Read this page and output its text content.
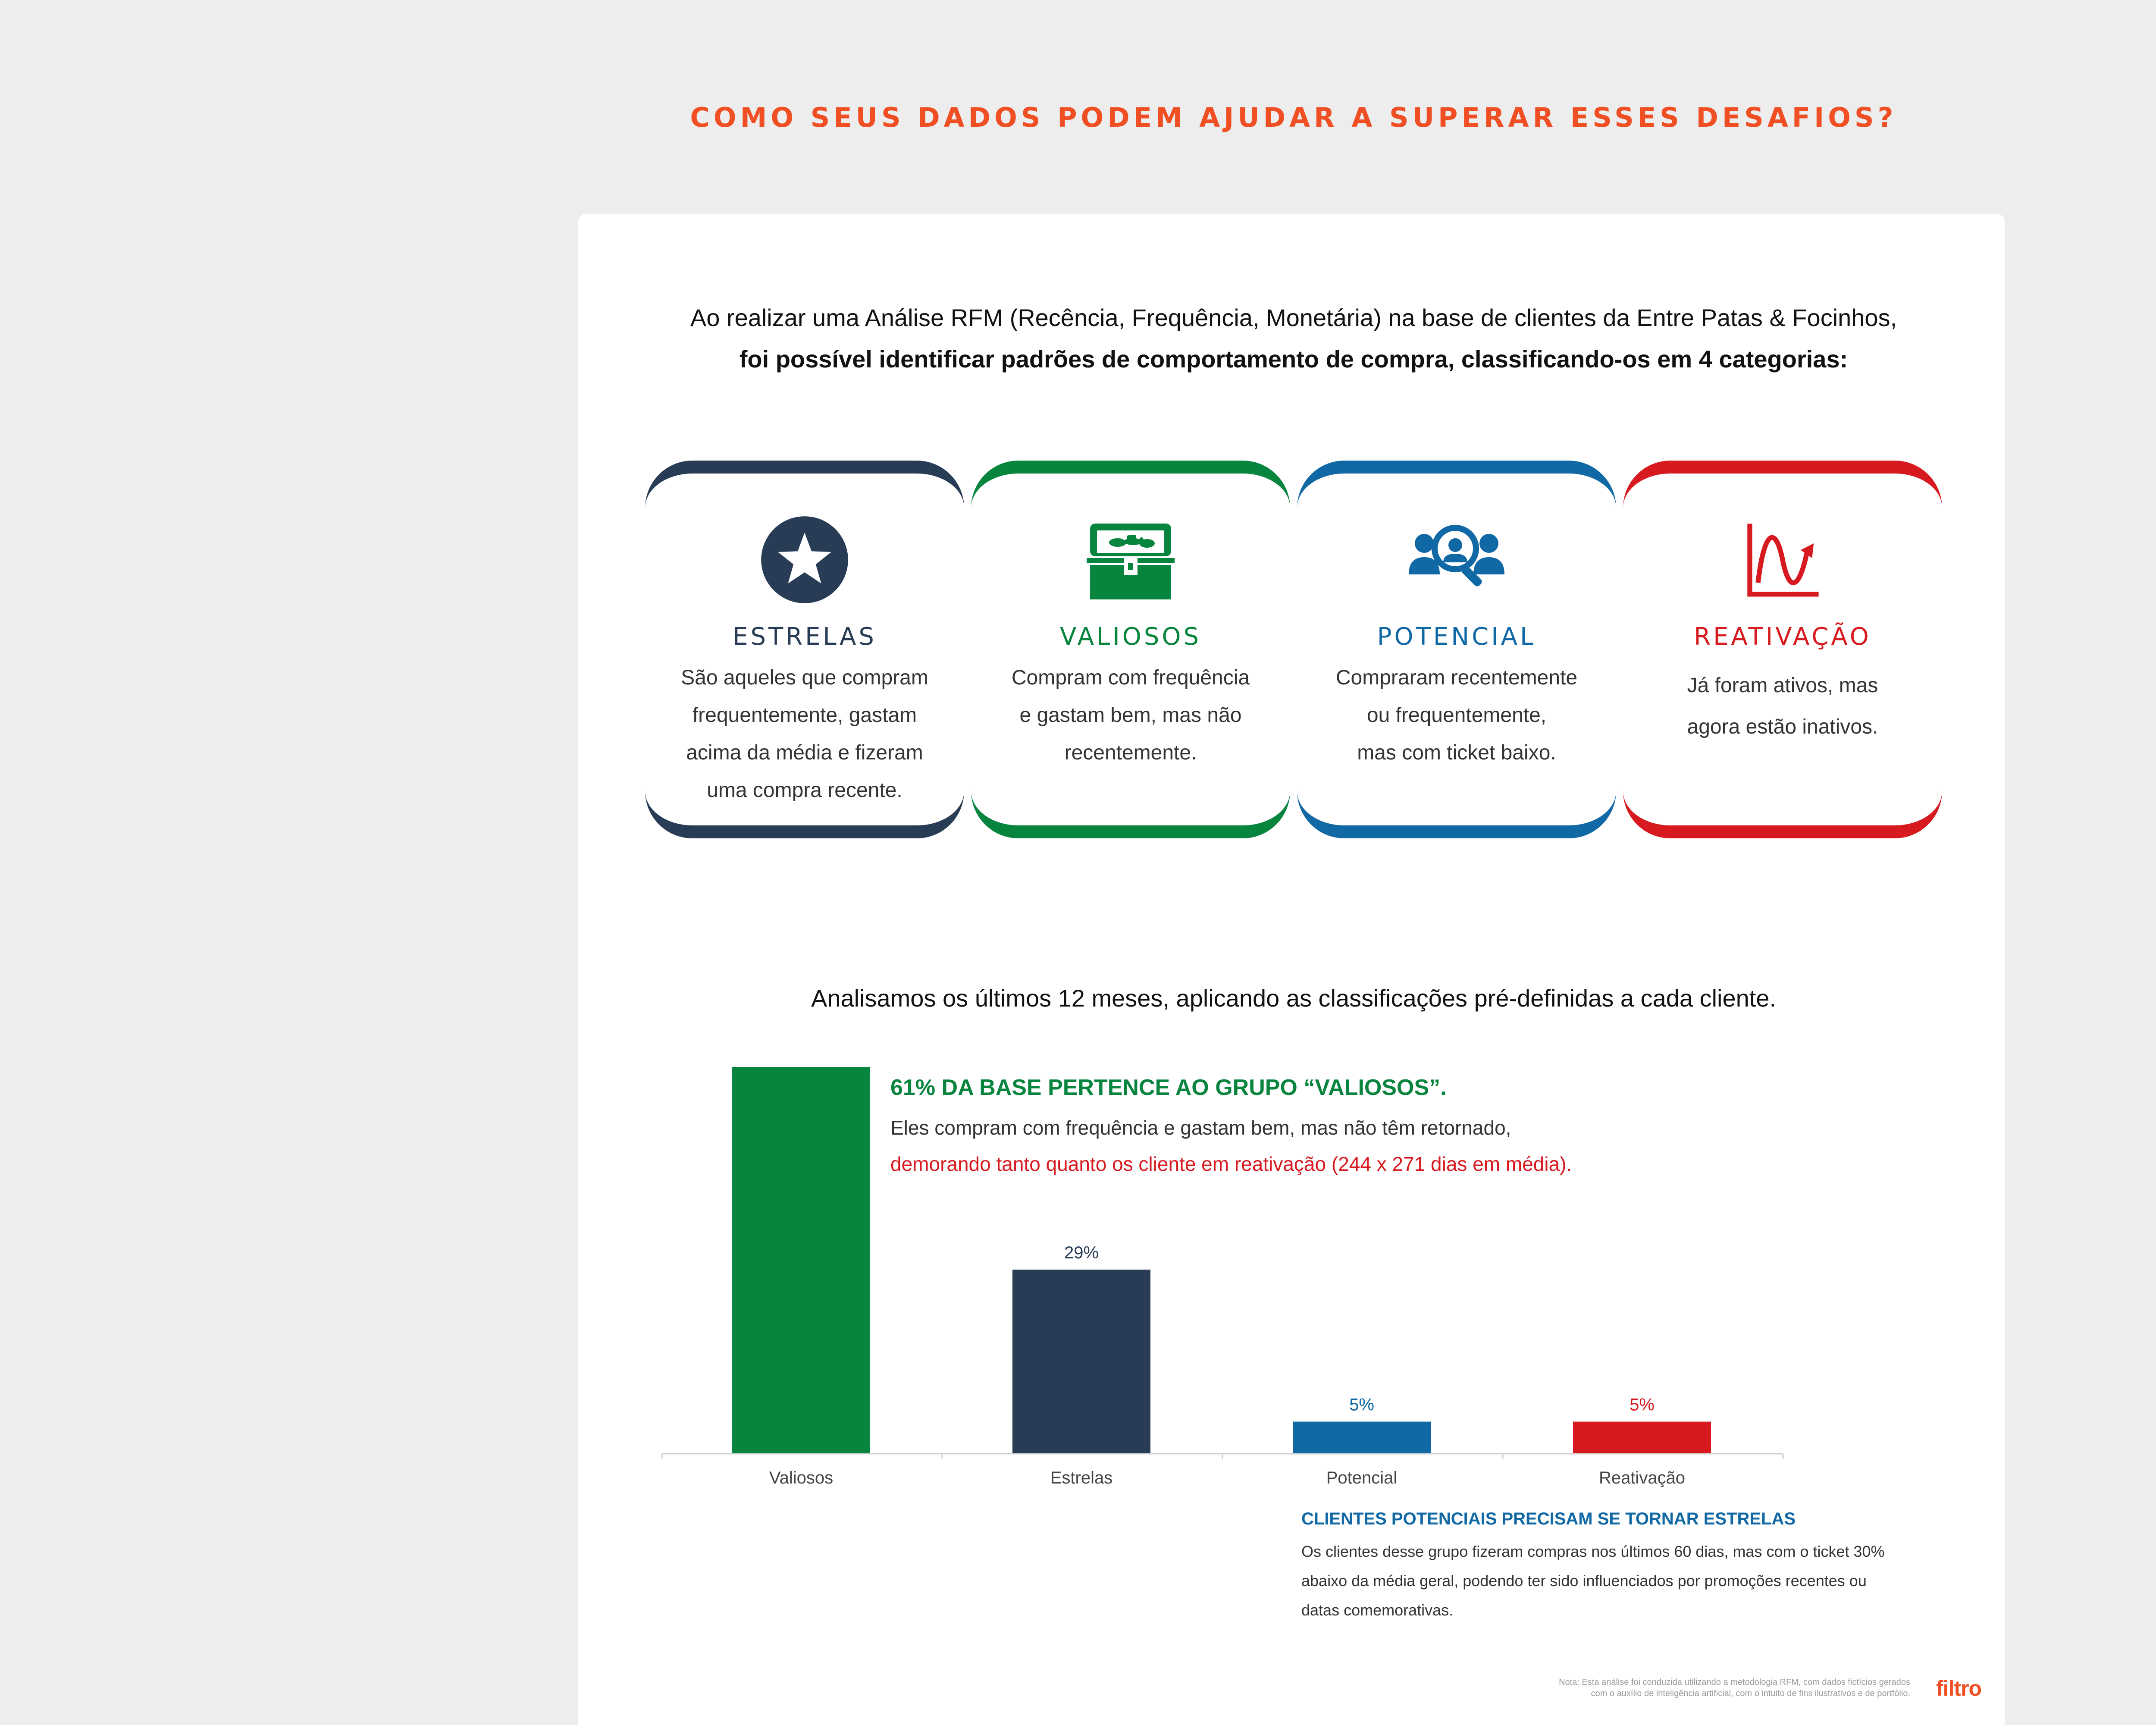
COMO SEUS DADOS PODEM AJUDAR A SUPERAR ESSES DESAFIOS?
Ao realizar uma Análise RFM (Recência, Frequência, Monetária) na base de clientes da Entre Patas & Focinhos,
foi possível identificar padrões de comportamento de compra, classificando-os em 4 categorias:
ESTRELAS
São aqueles que compram
frequentemente, gastam
acima da média e fizeram
uma compra recente.
VALIOSOS
Compram com frequência
e gastam bem, mas não
recentemente.
POTENCIAL
Compraram recentemente
ou frequentemente,
mas com ticket baixo.
REATIVAÇÃO
Já foram ativos, mas
agora estão inativos.
Analisamos os últimos 12 meses, aplicando as classificações pré-definidas a cada cliente.
Valiosos
29%
Estrelas
5%
Potencial
5%
Reativação
61% DA BASE PERTENCE AO GRUPO “VALIOSOS”.
Eles compram com frequência e gastam bem, mas não têm retornado,
demorando tanto quanto os cliente em reativação (244 x 271 dias em média).
CLIENTES POTENCIAIS PRECISAM SE TORNAR ESTRELAS
Os clientes desse grupo fizeram compras nos últimos 60 dias, mas com o ticket 30% abaixo da média geral, podendo ter sido influenciados por promoções recentes ou datas comemorativas.
Nota: Esta análise foi conduzida utilizando a metodologia RFM, com dados fictícios gerados
com o auxílio de inteligência artificial, com o intuito de fins ilustrativos e de portfólio. filtro
